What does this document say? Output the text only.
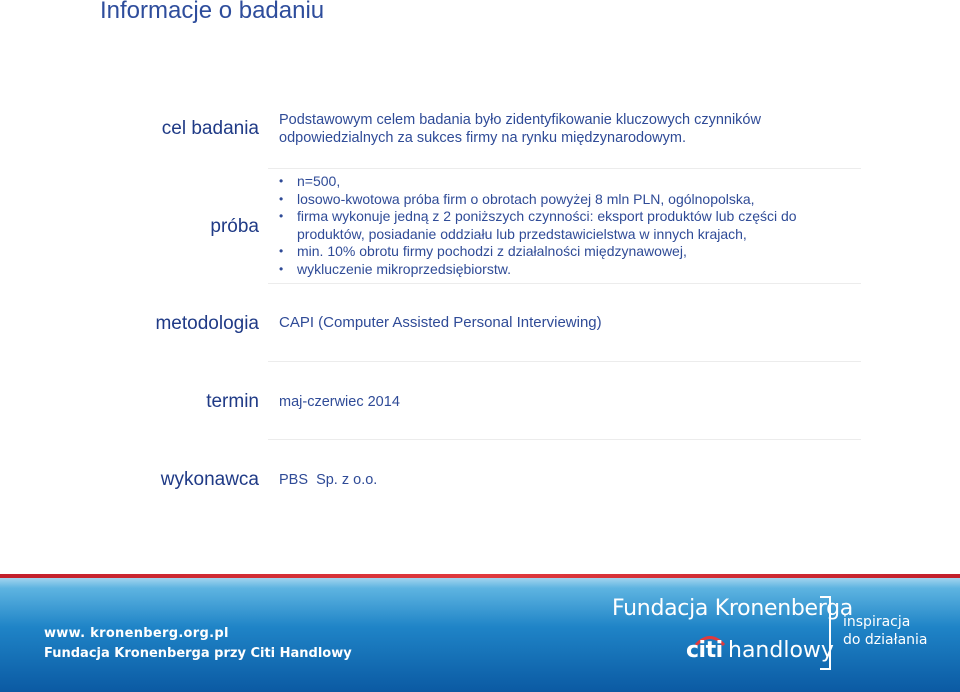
Informacje o badaniu
cel badania Podstawowym celem badania było zidentyfikowanie kluczowych czynników odpowiedzialnych za sukces firmy na rynku międzynarodowym.
próba
• n=500,
• losowo-kwotowa próba firm o obrotach powyżej 8 mln PLN, ogólnopolska,
• firma wykonuje jedną z 2 poniższych czynności: eksport produktów lub części do produktów, posiadanie oddziału lub przedstawicielstwa w innych krajach,
• min. 10% obrotu firmy pochodzi z działalności międzynawowej,
• wykluczenie mikroprzedsiębiorstw.
metodologia CAPI (Computer Assisted Personal Interviewing)
termin maj-czerwiec 2014
wykonawca PBS  Sp. z o.o.
www. kronenberg.org.pl
Fundacja Kronenberga przy Citi Handlowy
Fundacja Kronenberga
citi handlowy
inspiracja
do działania
